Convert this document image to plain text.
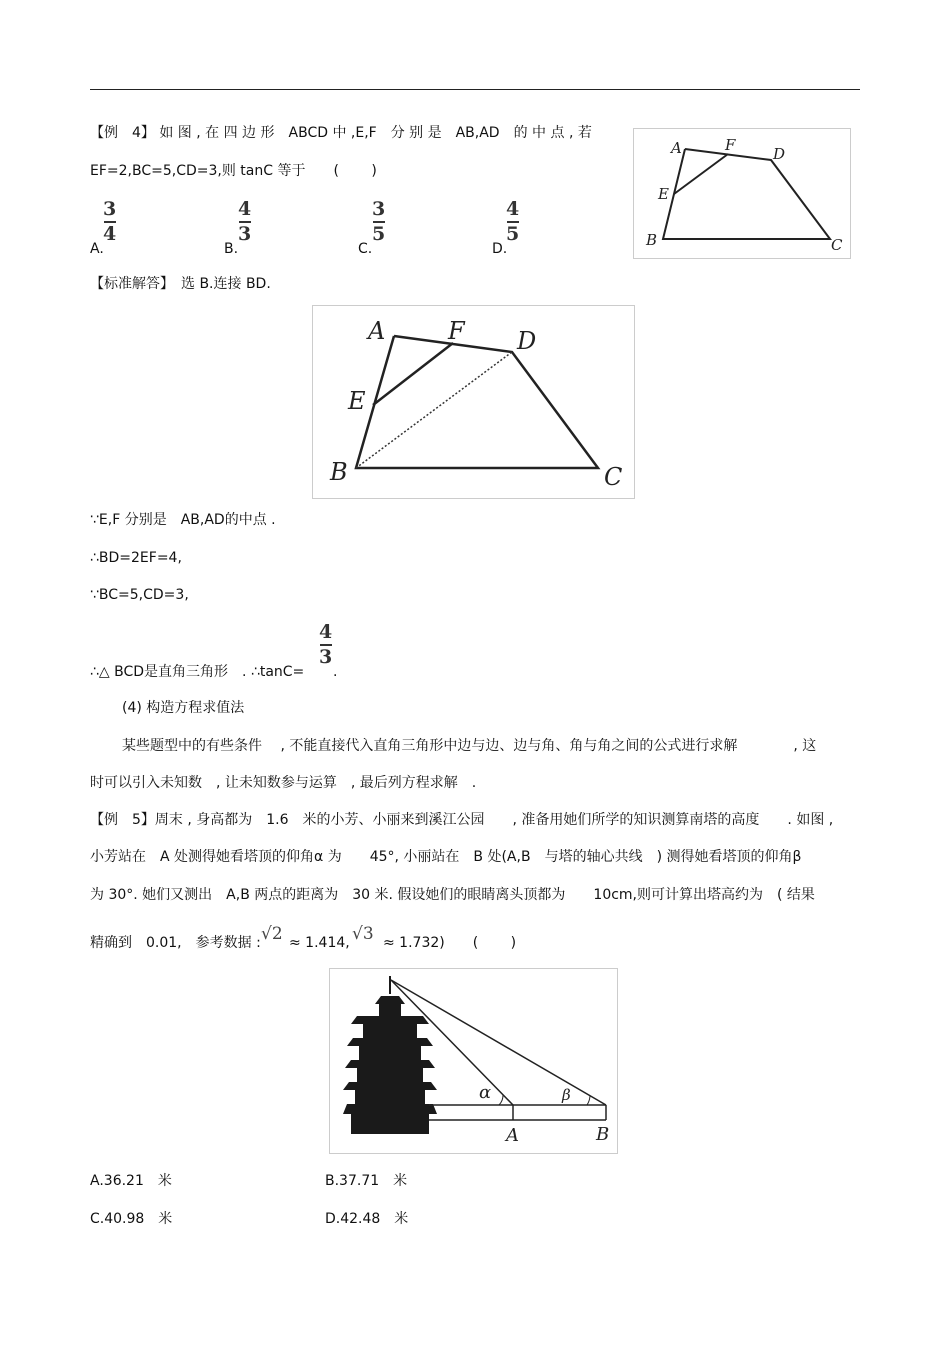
【例　4】 如 图 , 在 四 边 形　ABCD 中 ,E,F　分 别 是　AB,AD　的 中 点 , 若
EF=2,BC=5,CD=3,则 tanC 等于　　(　　 )
A.
3
4
B.
4
3
C.
3
5
D.
4
5
A	F	D
E
B	C
【标准解答】　选 B.连接 BD.
A	F D
E
B	C
∵E,F 分别是　AB,AD的中点 .
∴BD=2EF=4,
∵BC=5,CD=3,
∴△ BCD是直角三角形　. ∴tanC=
4
3
.
(4) 构造方程求值法
某些题型中的有些条件　 , 不能直接代入直角三角形中边与边、边与角、角与角之间的公式进行求解　　　　, 这
时可以引入未知数　, 让未知数参与运算　, 最后列方程求解　.
【例　5】周末 , 身高都为　1.6　米的小芳、小丽来到溪江公园　　, 准备用她们所学的知识测算南塔的高度　　. 如图 ,
小芳站在　A 处测得她看塔顶的仰角α 为　　45°, 小丽站在　B 处(A,B　与塔的轴心共线　) 测得她看塔顶的仰角β
为 30°. 她们又测出　A,B 两点的距离为　30 米. 假设她们的眼睛离头顶都为　　10cm,则可计算出塔高约为　( 结果
精确到　0.01,　参考数据 : √2 ≈ 1.414, √3 ≈ 1.732)　　(　　 )
α	β
A	B
A.36.21　米	B.37.71　米
C.40.98　米	D.42.48　米
